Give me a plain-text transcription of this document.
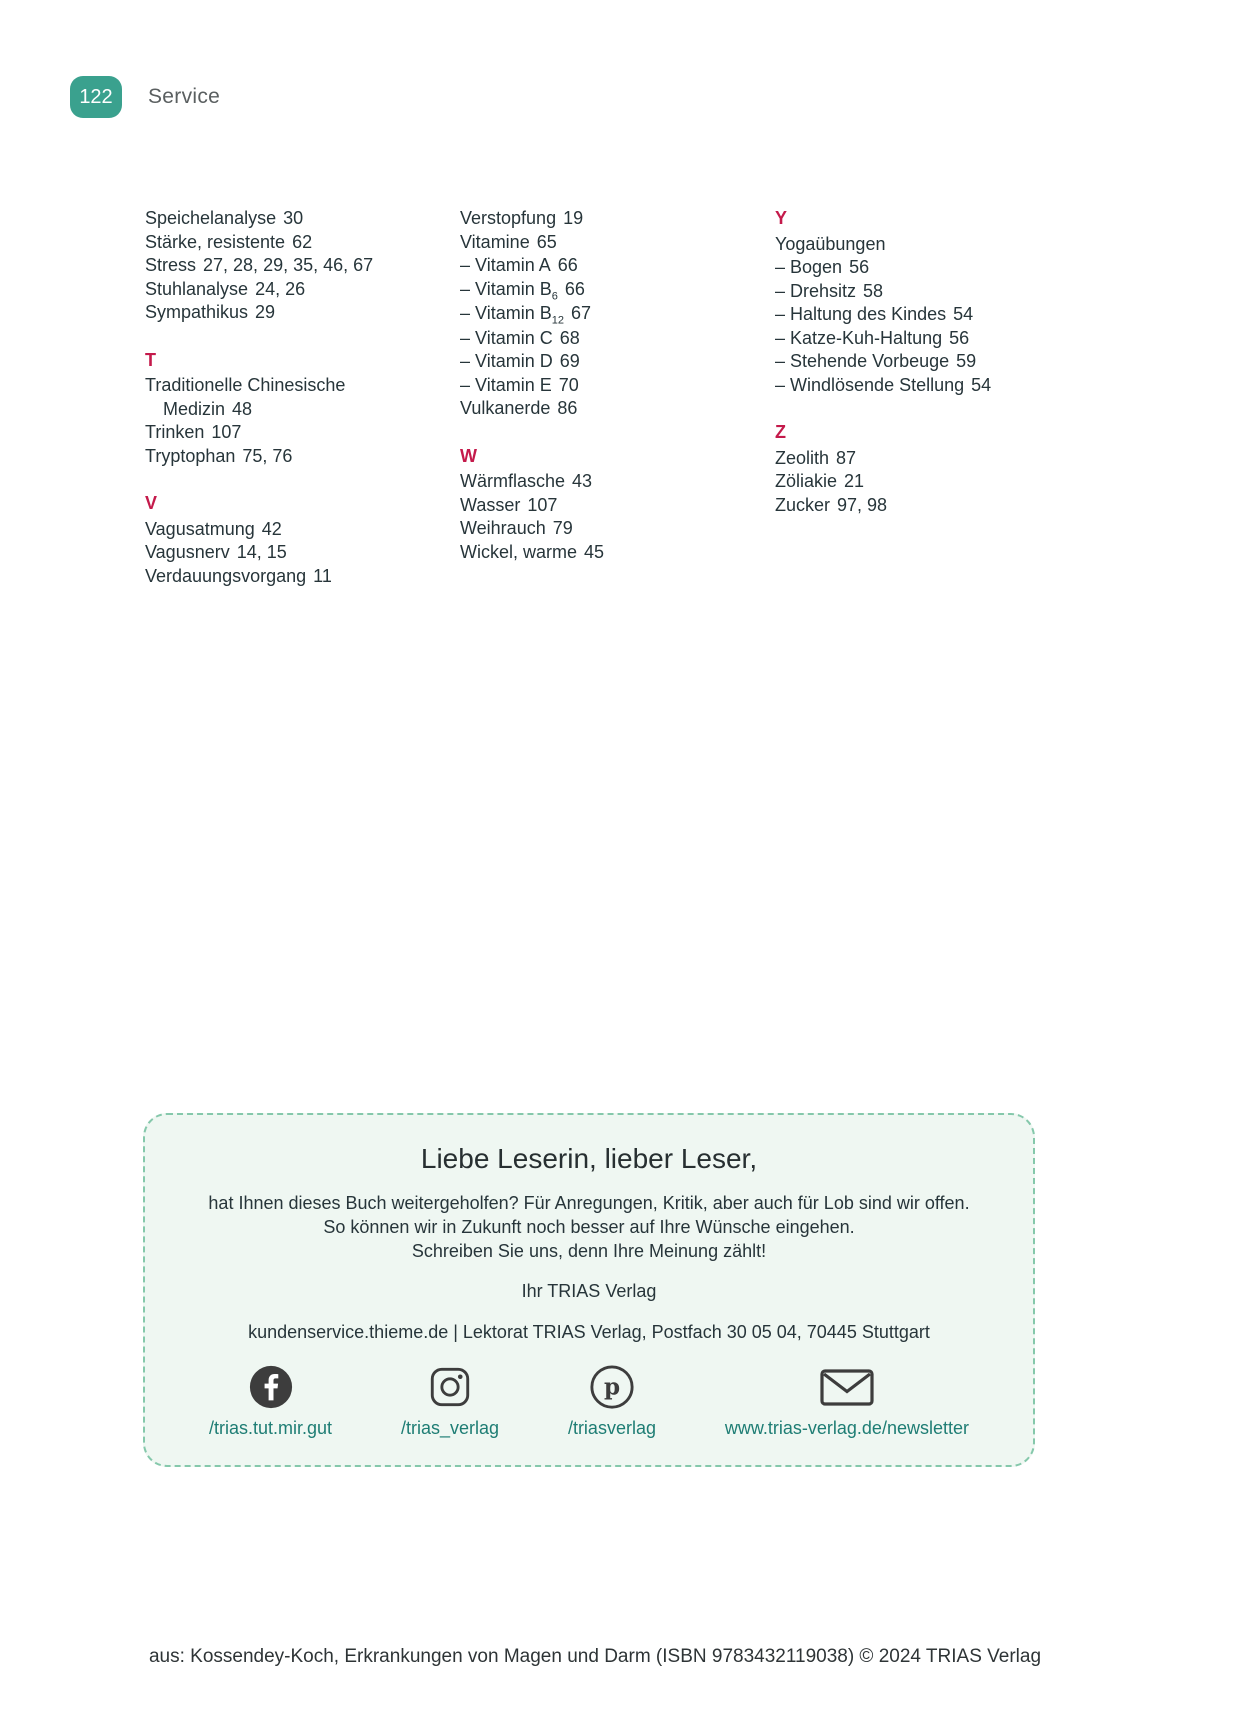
122	Service
Speichelanalyse 30
Stärke, resistente 62
Stress 27, 28, 29, 35, 46, 67
Stuhlanalyse 24, 26
Sympathikus 29
T
Traditionelle Chinesische Medizin 48
Trinken 107
Tryptophan 75, 76
V
Vagusatmung 42
Vagusnerv 14, 15
Verdauungsvorgang 11
Verstopfung 19
Vitamine 65
– Vitamin A 66
– Vitamin $B_6$ 66
– Vitamin $B_{12}$ 67
– Vitamin C 68
– Vitamin D 69
– Vitamin E 70
Vulkanerde 86
W
Wärmflasche 43
Wasser 107
Weihrauch 79
Wickel, warme 45
Y
Yogaübungen
– Bogen 56
– Drehsitz 58
– Haltung des Kindes 54
– Katze-Kuh-Haltung 56
– Stehende Vorbeuge 59
– Windlösende Stellung 54
Z
Zeolith 87
Zöliakie 21
Zucker 97, 98
Liebe Leserin, lieber Leser,
hat Ihnen dieses Buch weitergeholfen? Für Anregungen, Kritik, aber auch für Lob sind wir offen.
So können wir in Zukunft noch besser auf Ihre Wünsche eingehen.
Schreiben Sie uns, denn Ihre Meinung zählt!
Ihr TRIAS Verlag
kundenservice.thieme.de | Lektorat TRIAS Verlag, Postfach 30 05 04, 70445 Stuttgart
/trias.tut.mir.gut	/trias_verlag
p
/triasverlag	www.trias-verlag.de/newsletter
aus: Kossendey-Koch, Erkrankungen von Magen und Darm (ISBN 9783432119038) © 2024 TRIAS Verlag
